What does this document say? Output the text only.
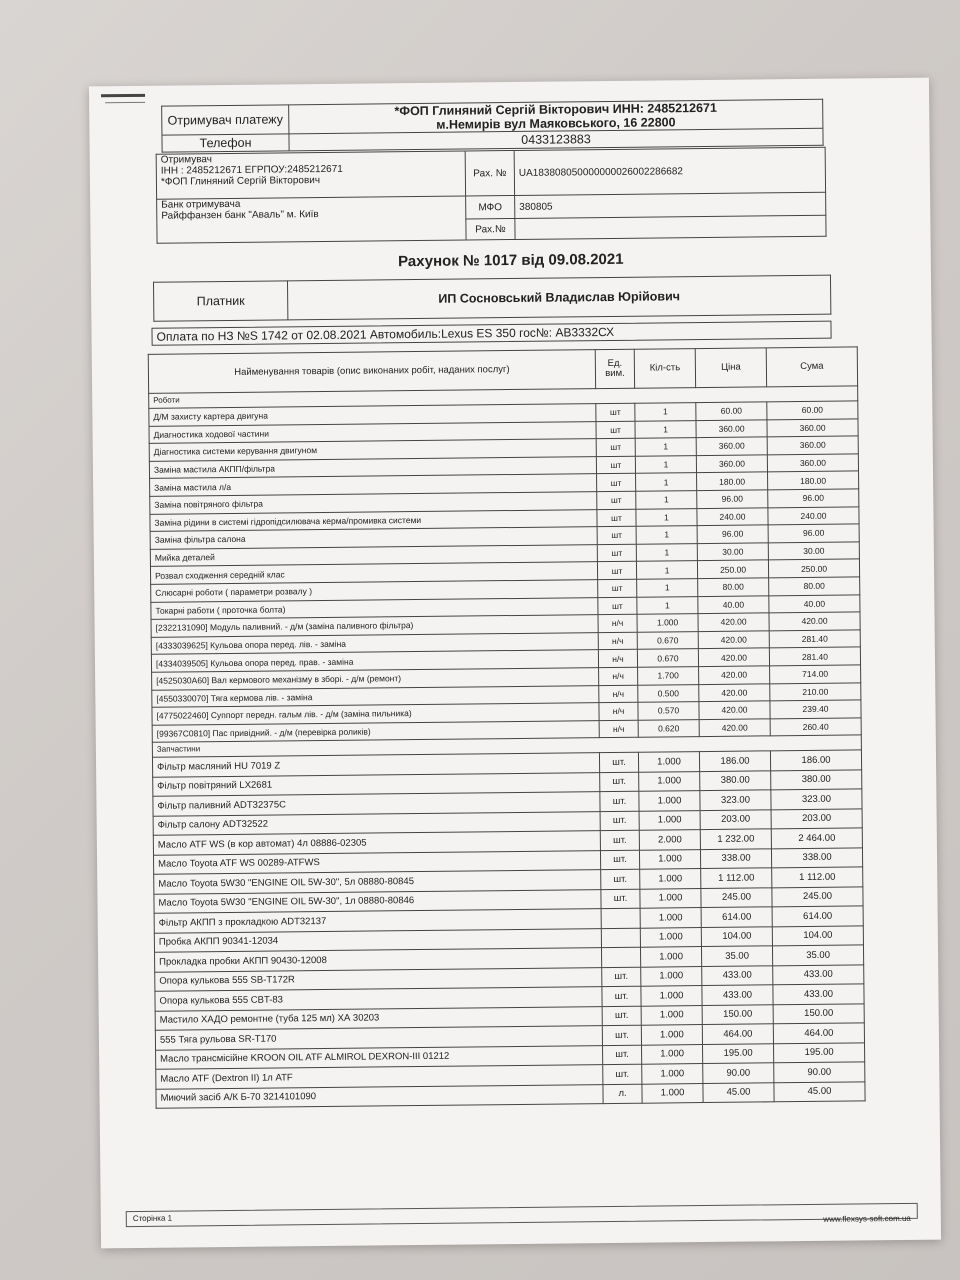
Отримувач платежу	*ФОП Глиняний Сергій Вікторович ИНН: 2485212671
м.Немирів вул Маяковського, 16 22800

Телефон	0433123883
Отримувач
ІНН : 2485212671 ЕГРПОУ:2485212671
*ФОП Глиняний Сергій Вікторович	Рах. №	UA183808050000000026002286682

Банк отримувача
Райффанзен банк "Аваль" м. Київ	МФО	380805
	Рах.№	
Рахунок № 1017 від 09.08.2021
Платник	ИП Сосновський Владислав Юрійович
Оплата по НЗ №S 1742 от 02.08.2021 Автомобиль:Lexus ES 350 гос№: АВ3332СХ
Найменування товарів (опис виконаних робіт, наданих послуг)	Ед. вим.	Кіл-сть	Ціна	Сума
Роботи				
Д/М захисту картера двигуна	шт	1	60.00	60.00
Диагностика ходової частини	шт	1	360.00	360.00
Діагностика системи керування двигуном	шт	1	360.00	360.00
Заміна мастила АКПП/фільтра	шт	1	360.00	360.00
Заміна мастила л/а	шт	1	180.00	180.00
Заміна повітряного фільтра	шт	1	96.00	96.00
Заміна рідини в системі гідропідсилювача керма/промивка системи	шт	1	240.00	240.00
Заміна фільтра салона	шт	1	96.00	96.00
Мийка деталей	шт	1	30.00	30.00
Розвал сходження середній клас	шт	1	250.00	250.00
Слюсарні роботи ( параметри розвалу )	шт	1	80.00	80.00
Токарні работи ( проточка болта)	шт	1	40.00	40.00
[2322131090] Модуль паливний. - д/м (заміна паливного фільтра)	н/ч	1.000	420.00	420.00
[4333039625] Кульова опора перед. лів. - заміна	н/ч	0.670	420.00	281.40
[4334039505] Кульова опора перед. прав. - заміна	н/ч	0.670	420.00	281.40
[4525030A60] Вал кермового механізму в зборі. - д/м (ремонт)	н/ч	1.700	420.00	714.00
[4550330070] Тяга кермова лів. - заміна	н/ч	0.500	420.00	210.00
[4775022460] Суппорт передн. гальм лів. - д/м (заміна пильника)	н/ч	0.570	420.00	239.40
[99367C0810] Пас привідний. - д/м (перевірка роликів)	н/ч	0.620	420.00	260.40
Запчастини				
Фільтр масляний HU 7019 Z	шт.	1.000	186.00	186.00
Фільтр повітряний LX2681	шт.	1.000	380.00	380.00
Фільтр паливний ADT32375C	шт.	1.000	323.00	323.00
Фільтр салону ADT32522	шт.	1.000	203.00	203.00
Масло ATF WS (в кор автомат) 4л 08886-02305	шт.	2.000	1 232.00	2 464.00
Масло Toyota ATF WS 00289-ATFWS	шт.	1.000	338.00	338.00
Масло Toyota 5W30 "ENGINE OIL 5W-30", 5л 08880-80845	шт.	1.000	1 112.00	1 112.00
Масло Toyota 5W30 "ENGINE OIL 5W-30", 1л 08880-80846	шт.	1.000	245.00	245.00
Фільтр АКПП з прокладкою ADT32137		1.000	614.00	614.00
Пробка АКПП 90341-12034		1.000	104.00	104.00
Прокладка пробки АКПП 90430-12008		1.000	35.00	35.00
Опора кулькова 555 SB-T172R	шт.	1.000	433.00	433.00
Опора кулькова 555 CBT-83	шт.	1.000	433.00	433.00
Мастило ХАДО ремонтне (туба 125 мл) ХА 30203	шт.	1.000	150.00	150.00
555 Тяга рульова SR-T170	шт.	1.000	464.00	464.00
Масло трансмісійне KROON OIL ATF ALMIROL DEXRON-III 01212	шт.	1.000	195.00	195.00
Масло ATF (Dextron II) 1л ATF	шт.	1.000	90.00	90.00
Миючий засіб А/К Б-70 3214101090	л.	1.000	45.00	45.00
Сторінка 1	www.flexsys-soft.com.ua
